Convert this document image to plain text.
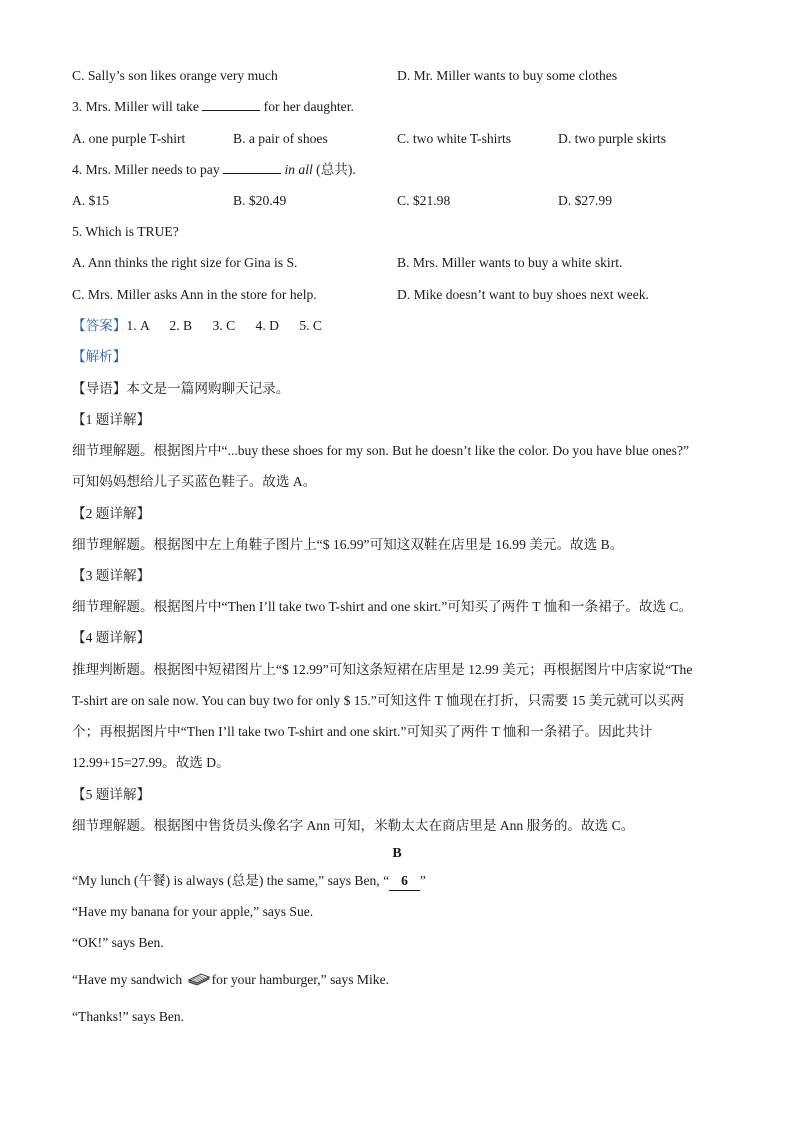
C. Sally’s son likes orange very much	D. Mr. Miller wants to buy some clothes
3. Mrs. Miller will take	for her daughter.
A. one purple T-shirt	B. a pair of shoes	C. two white T-shirts	D. two purple skirts
4. Mrs. Miller needs to pay	in all (总共).
A. $15	B. $20.49	C. $21.98	D. $27.99
5. Which is TRUE?
A. Ann thinks the right size for Gina is S.	B. Mrs. Miller wants to buy a white skirt.
C. Mrs. Miller asks Ann in the store for help.	D. Mike doesn’t want to buy shoes next week.
【答案】1. A      2. B      3. C      4. D      5. C
【解析】
【导语】本文是一篇网购聊天记录。
【1 题详解】
细节理解题。根据图片中“...buy these shoes for my son. But he doesn’t like the color. Do you have blue ones?”
可知妈妈想给儿子买蓝色鞋子。故选 A。
【2 题详解】
细节理解题。根据图中左上角鞋子图片上“$ 16.99”可知这双鞋在店里是 16.99 美元。故选 B。
【3 题详解】
细节理解题。根据图片中“Then I’ll take two T-shirt and one skirt.”可知买了两件 T 恤和一条裙子。故选 C。
【4 题详解】
推理判断题。根据图中短裙图片上“$ 12.99”可知这条短裙在店里是 12.99 美元；再根据图片中店家说“The
T-shirt are on sale now. You can buy two for only $ 15.”可知这件 T 恤现在打折，只需要 15 美元就可以买两
个；再根据图片中“Then I’ll take two T-shirt and one skirt.”可知买了两件 T 恤和一条裙子。因此共计
12.99+15=27.99。故选 D。
【5 题详解】
细节理解题。根据图中售货员头像名字 Ann 可知，米勒太太在商店里是 Ann 服务的。故选 C。
B
“My lunch (午餐) is always (总是) the same,” says Ben, “ 6 ”
“Have my banana for your apple,” says Sue.
“OK!” says Ben.
“Have my sandwich for your hamburger,” says Mike.
“Thanks!” says Ben.
